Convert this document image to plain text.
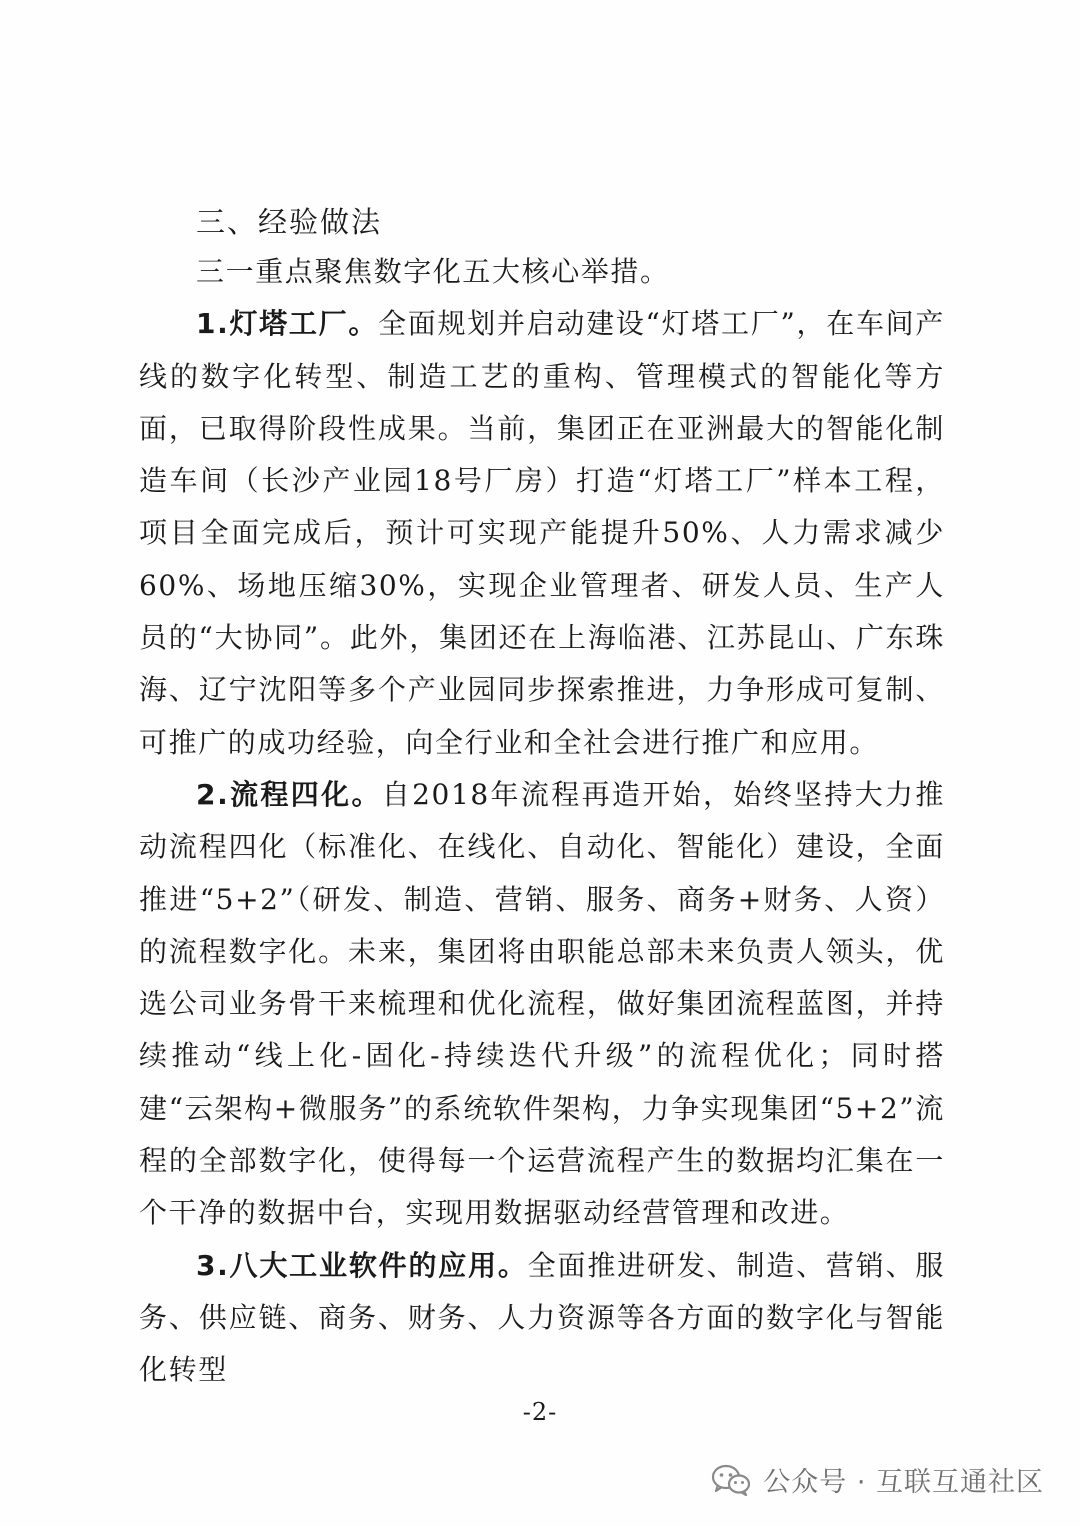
三、经验做法

三一重点聚焦数字化五大核心举措。

1.灯塔工厂。全面规划并启动建设“灯塔工厂”，在车间产线的数字化转型、制造工艺的重构、管理模式的智能化等方面，已取得阶段性成果。当前，集团正在亚洲最大的智能化制造车间（长沙产业园18号厂房）打造“灯塔工厂”样本工程，项目全面完成后，预计可实现产能提升50%、人力需求减少60%、场地压缩30%，实现企业管理者、研发人员、生产人员的“大协同”。此外，集团还在上海临港、江苏昆山、广东珠海、辽宁沈阳等多个产业园同步探索推进，力争形成可复制、可推广的成功经验，向全行业和全社会进行推广和应用。

2.流程四化。自2018年流程再造开始，始终坚持大力推动流程四化（标准化、在线化、自动化、智能化）建设，全面推进“5+2”（研发、制造、营销、服务、商务+财务、人资）的流程数字化。未来，集团将由职能总部未来负责人领头，优选公司业务骨干来梳理和优化流程，做好集团流程蓝图，并持续推动“线上化-固化-持续迭代升级”的流程优化；同时搭建“云架构+微服务”的系统软件架构，力争实现集团“5+2”流程的全部数字化，使得每一个运营流程产生的数据均汇集在一个干净的数据中台，实现用数据驱动经营管理和改进。

3.八大工业软件的应用。全面推进研发、制造、营销、服务、供应链、商务、财务、人力资源等各方面的数字化与智能化转型

-2-
公众号 · 互联互通社区
